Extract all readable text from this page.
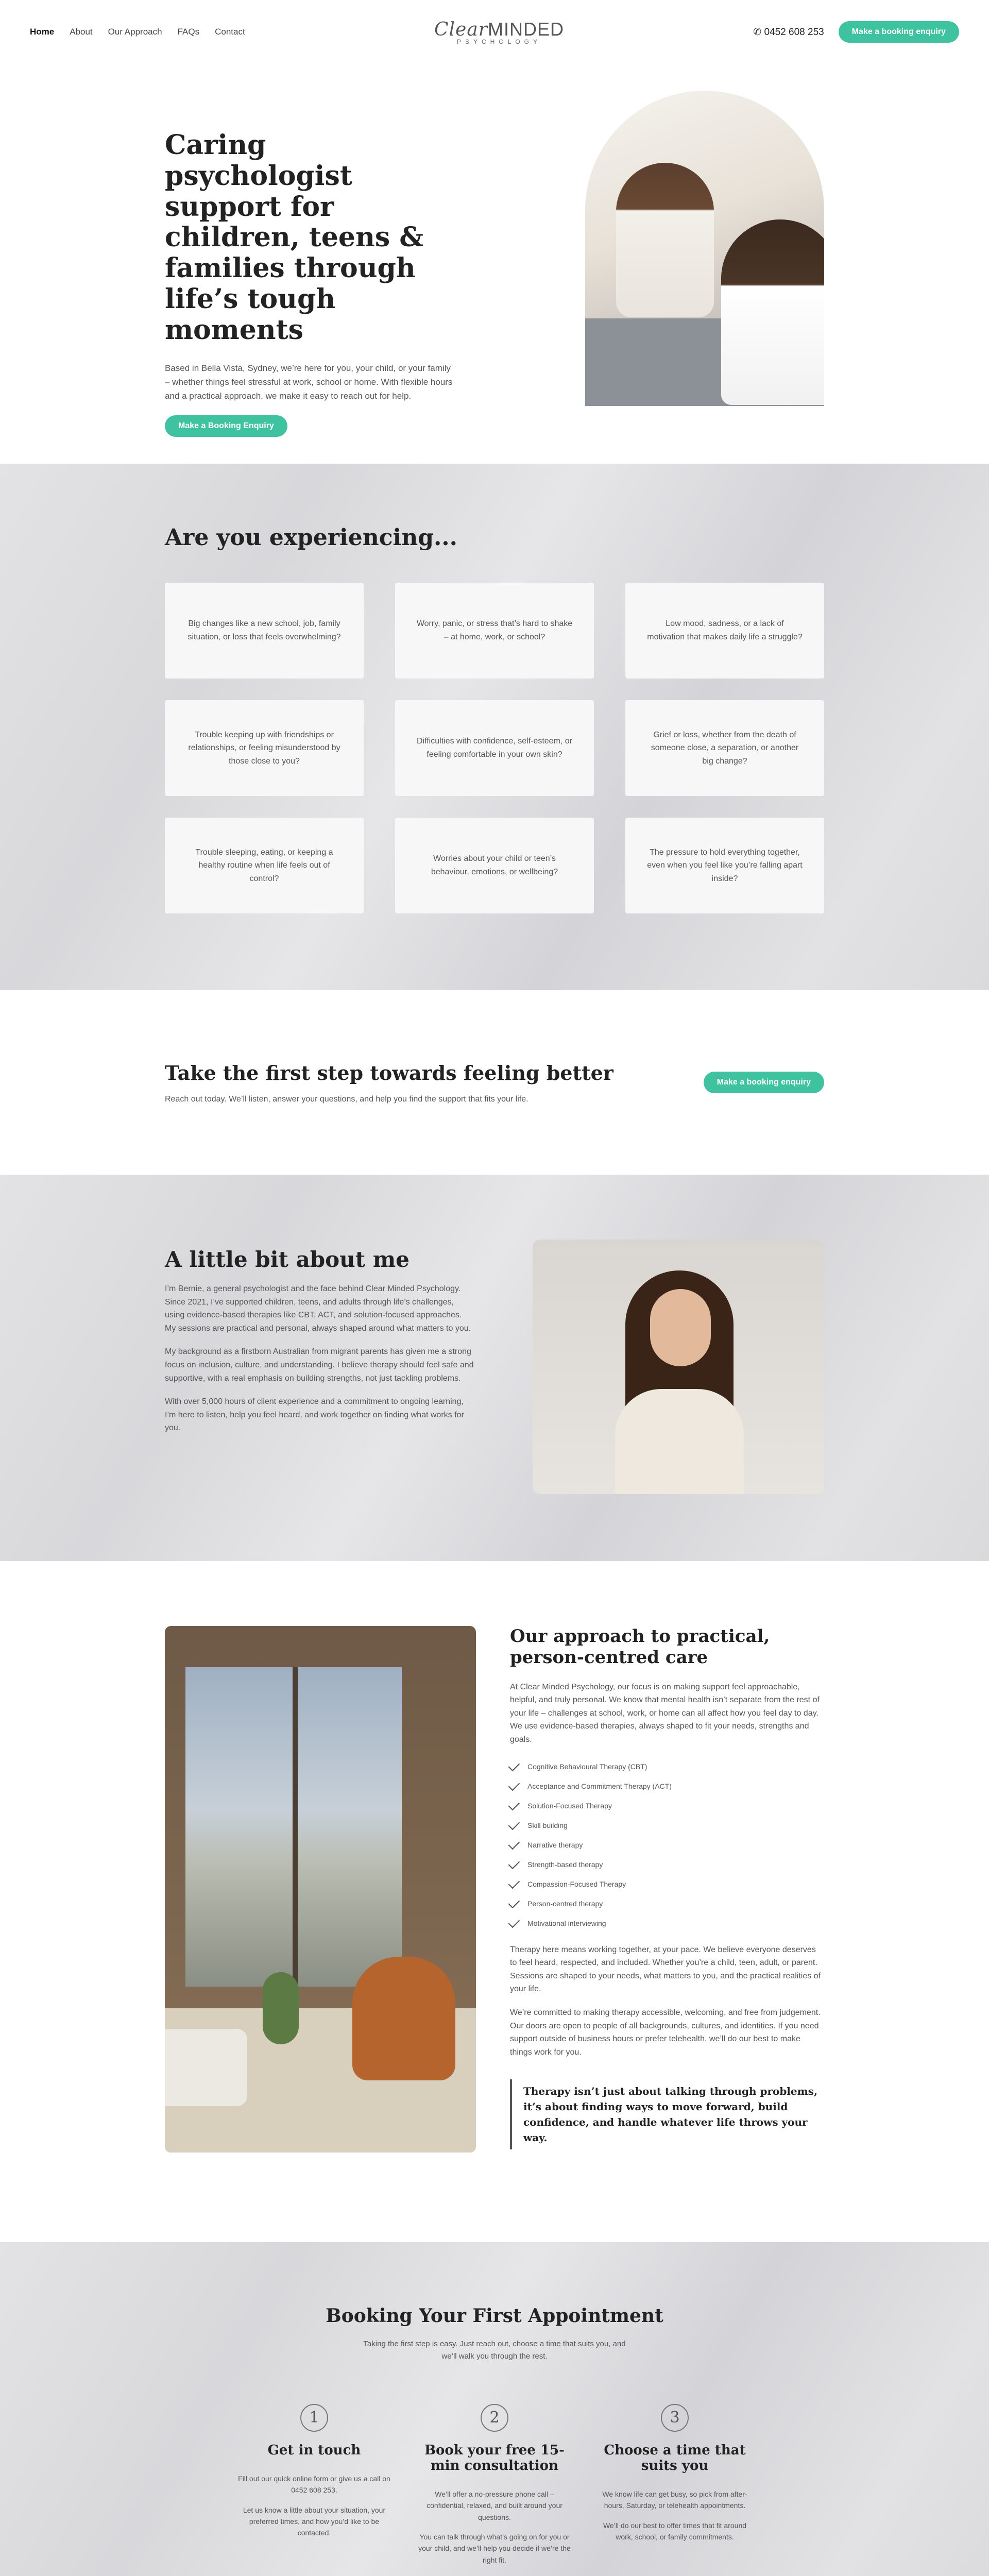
Home About Our Approach FAQs Contact	ClearMINDED
PSYCHOLOGY
✆ 0452 608 253	Make a booking enquiry
Caring psychologist support for children, teens & families through life’s tough moments

Based in Bella Vista, Sydney, we’re here for you, your child, or your family – whether things feel stressful at work, school or home. With flexible hours and a practical approach, we make it easy to reach out for help.

Make a Booking Enquiry
Are you experiencing...
Big changes like a new school, job, family situation, or loss that feels overwhelming?
Worry, panic, or stress that’s hard to shake – at home, work, or school?
Low mood, sadness, or a lack of motivation that makes daily life a struggle?
Trouble keeping up with friendships or relationships, or feeling misunderstood by those close to you?
Difficulties with confidence, self-esteem, or feeling comfortable in your own skin?
Grief or loss, whether from the death of someone close, a separation, or another big change?
Trouble sleeping, eating, or keeping a healthy routine when life feels out of control?
Worries about your child or teen’s behaviour, emotions, or wellbeing?
The pressure to hold everything together, even when you feel like you’re falling apart inside?
Take the first step towards feeling better

Reach out today. We’ll listen, answer your questions, and help you find the support that fits your life.

Make a booking enquiry
A little bit about me

I’m Bernie, a general psychologist and the face behind Clear Minded Psychology. Since 2021, I’ve supported children, teens, and adults through life’s challenges, using evidence-based therapies like CBT, ACT, and solution-focused approaches. My sessions are practical and personal, always shaped around what matters to you.

My background as a firstborn Australian from migrant parents has given me a strong focus on inclusion, culture, and understanding. I believe therapy should feel safe and supportive, with a real emphasis on building strengths, not just tackling problems.

With over 5,000 hours of client experience and a commitment to ongoing learning, I’m here to listen, help you feel heard, and work together on finding what works for you.

Our approach to practical, person-centred care

At Clear Minded Psychology, our focus is on making support feel approachable, helpful, and truly personal. We know that mental health isn’t separate from the rest of your life – challenges at school, work, or home can all affect how you feel day to day. We use evidence-based therapies, always shaped to fit your needs, strengths and goals.

Cognitive Behavioural Therapy (CBT)
Acceptance and Commitment Therapy (ACT)
Solution-Focused Therapy
Skill building
Narrative therapy
Strength-based therapy
Compassion-Focused Therapy
Person-centred therapy
Motivational interviewing

Therapy here means working together, at your pace. We believe everyone deserves to feel heard, respected, and included. Whether you’re a child, teen, adult, or parent. Sessions are shaped to your needs, what matters to you, and the practical realities of your life.

We’re committed to making therapy accessible, welcoming, and free from judgement. Our doors are open to people of all backgrounds, cultures, and identities. If you need support outside of business hours or prefer telehealth, we’ll do our best to make things work for you.

Therapy isn’t just about talking through problems, it’s about finding ways to move forward, build confidence, and handle whatever life throws your way.
Booking Your First Appointment

Taking the first step is easy. Just reach out, choose a time that suits you, and we’ll walk you through the rest.

1
Get in touch

Fill out our quick online form or give us a call on 0452 608 253.

Let us know a little about your situation, your preferred times, and how you’d like to be contacted.

2
Book your free 15-min consultation

We’ll offer a no-pressure phone call – confidential, relaxed, and built around your questions.

You can talk through what’s going on for you or your child, and we’ll help you decide if we’re the right fit.

3
Choose a time that suits you

We know life can get busy, so pick from after-hours, Saturday, or telehealth appointments.

We’ll do our best to offer times that fit around work, school, or family commitments.
